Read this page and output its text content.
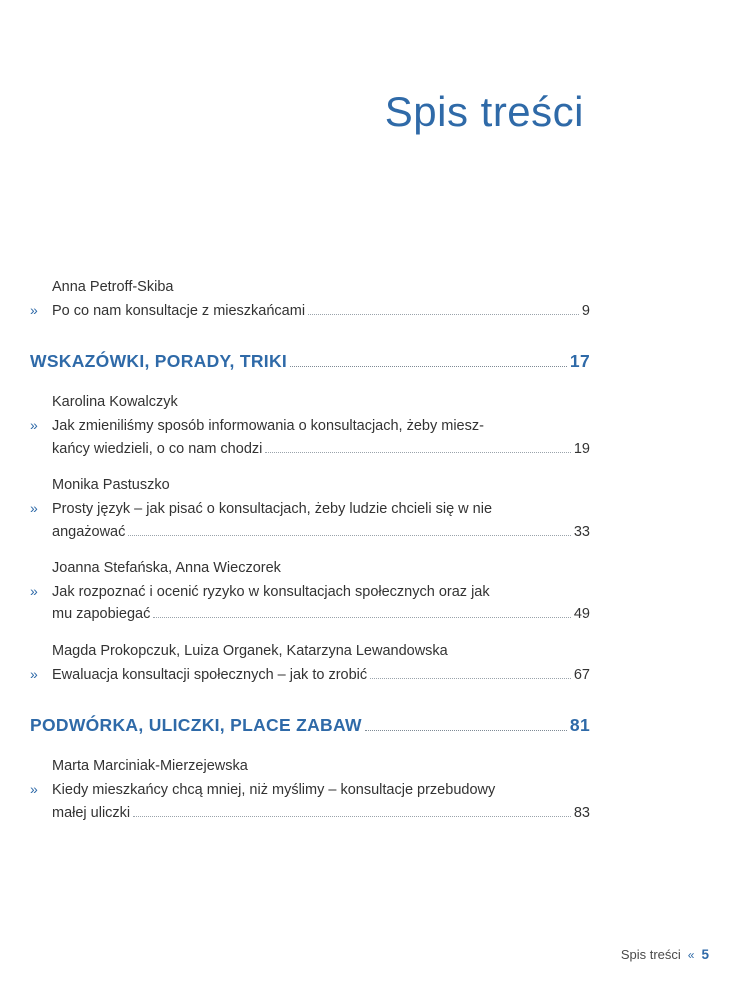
Spis treści
Anna Petroff-Skiba
» Po co nam konsultacje z mieszkańcami	9
WSKAZÓWKI, PORADY, TRIKI	17
Karolina Kowalczyk
» Jak zmieniliśmy sposób informowania o konsultacjach, żeby miesz-
kańcy wiedzieli, o co nam chodzi	19
Monika Pastuszko
» Prosty język – jak pisać o konsultacjach, żeby ludzie chcieli się w nie
angażować	33
Joanna Stefańska, Anna Wieczorek
» Jak rozpoznać i ocenić ryzyko w konsultacjach społecznych oraz jak
mu zapobiegać	49
Magda Prokopczuk, Luiza Organek, Katarzyna Lewandowska
» Ewaluacja konsultacji społecznych – jak to zrobić	67
PODWÓRKA, ULICZKI, PLACE ZABAW	81
Marta Marciniak-Mierzejewska
» Kiedy mieszkańcy chcą mniej, niż myślimy – konsultacje przebudowy
małej uliczki	83
Spis treści « 5
